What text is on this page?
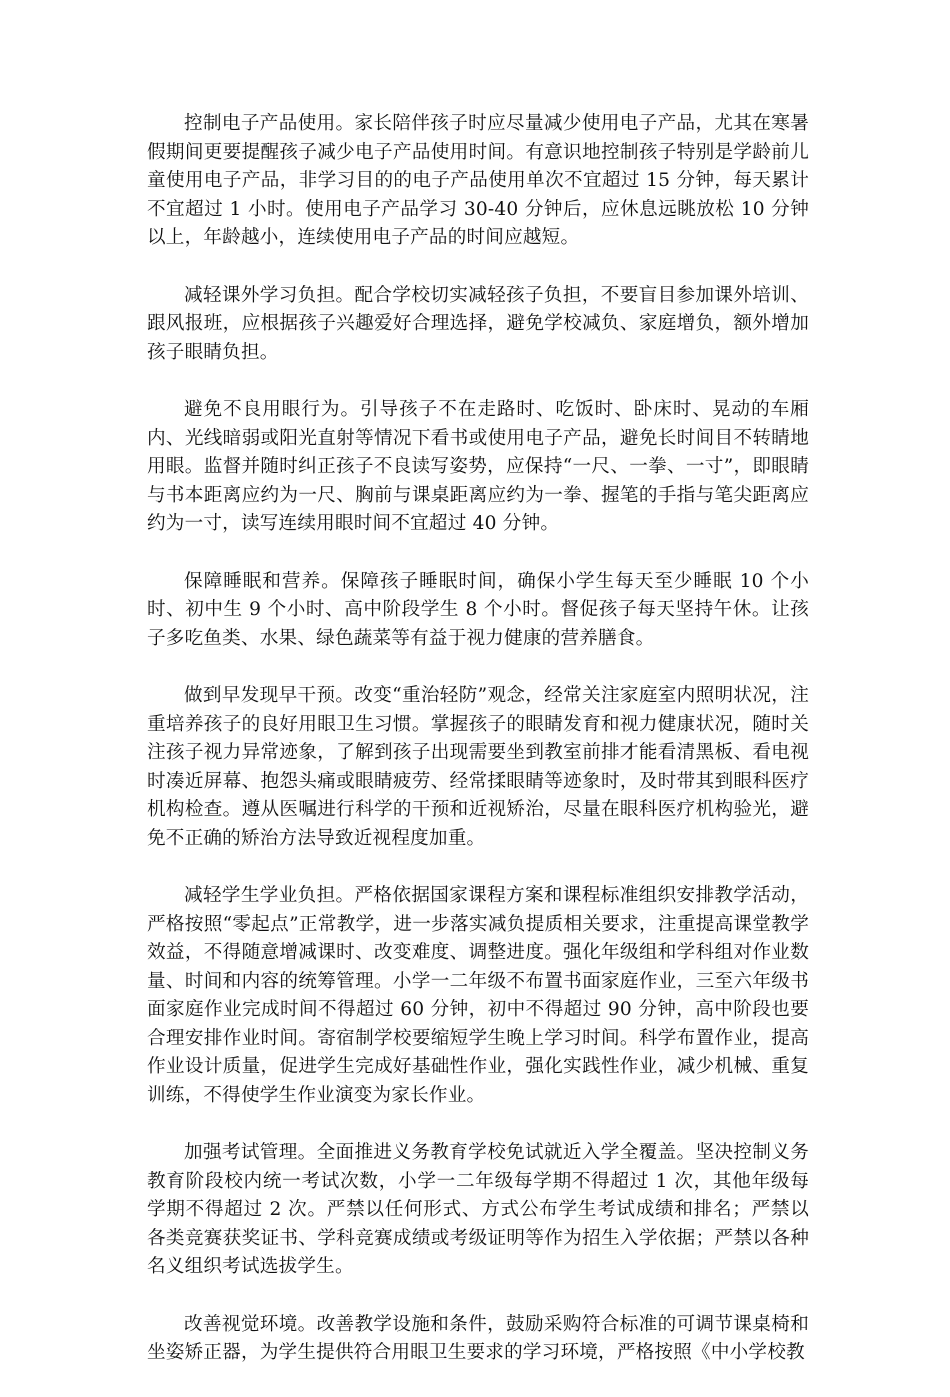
控制电子产品使用。家长陪伴孩子时应尽量减少使用电子产品，尤其在寒暑假期间更要提醒孩子减少电子产品使用时间。有意识地控制孩子特别是学龄前儿童使用电子产品，非学习目的的电子产品使用单次不宜超过 15 分钟，每天累计不宜超过 1 小时。使用电子产品学习 30-40 分钟后，应休息远眺放松 10 分钟以上，年龄越小，连续使用电子产品的时间应越短。

减轻课外学习负担。配合学校切实减轻孩子负担，不要盲目参加课外培训、跟风报班，应根据孩子兴趣爱好合理选择，避免学校减负、家庭增负，额外增加孩子眼睛负担。

避免不良用眼行为。引导孩子不在走路时、吃饭时、卧床时、晃动的车厢内、光线暗弱或阳光直射等情况下看书或使用电子产品，避免长时间目不转睛地用眼。监督并随时纠正孩子不良读写姿势，应保持“一尺、一拳、一寸”，即眼睛与书本距离应约为一尺、胸前与课桌距离应约为一拳、握笔的手指与笔尖距离应约为一寸，读写连续用眼时间不宜超过 40 分钟。

保障睡眠和营养。保障孩子睡眠时间，确保小学生每天至少睡眠 10 个小时、初中生 9 个小时、高中阶段学生 8 个小时。督促孩子每天坚持午休。让孩子多吃鱼类、水果、绿色蔬菜等有益于视力健康的营养膳食。

做到早发现早干预。改变“重治轻防”观念，经常关注家庭室内照明状况，注重培养孩子的良好用眼卫生习惯。掌握孩子的眼睛发育和视力健康状况，随时关注孩子视力异常迹象，了解到孩子出现需要坐到教室前排才能看清黑板、看电视时凑近屏幕、抱怨头痛或眼睛疲劳、经常揉眼睛等迹象时，及时带其到眼科医疗机构检查。遵从医嘱进行科学的干预和近视矫治，尽量在眼科医疗机构验光，避免不正确的矫治方法导致近视程度加重。

减轻学生学业负担。严格依据国家课程方案和课程标准组织安排教学活动，严格按照“零起点”正常教学，进一步落实减负提质相关要求，注重提高课堂教学效益，不得随意增减课时、改变难度、调整进度。强化年级组和学科组对作业数量、时间和内容的统筹管理。小学一二年级不布置书面家庭作业，三至六年级书面家庭作业完成时间不得超过 60 分钟，初中不得超过 90 分钟，高中阶段也要合理安排作业时间。寄宿制学校要缩短学生晚上学习时间。科学布置作业，提高作业设计质量，促进学生完成好基础性作业，强化实践性作业，减少机械、重复训练，不得使学生作业演变为家长作业。

加强考试管理。全面推进义务教育学校免试就近入学全覆盖。坚决控制义务教育阶段校内统一考试次数，小学一二年级每学期不得超过 1 次，其他年级每学期不得超过 2 次。严禁以任何形式、方式公布学生考试成绩和排名；严禁以各类竞赛获奖证书、学科竞赛成绩或考级证明等作为招生入学依据；严禁以各种名义组织考试选拔学生。

改善视觉环境。改善教学设施和条件，鼓励采购符合标准的可调节课桌椅和坐姿矫正器，为学生提供符合用眼卫生要求的学习环境，严格按照《中小学校教
